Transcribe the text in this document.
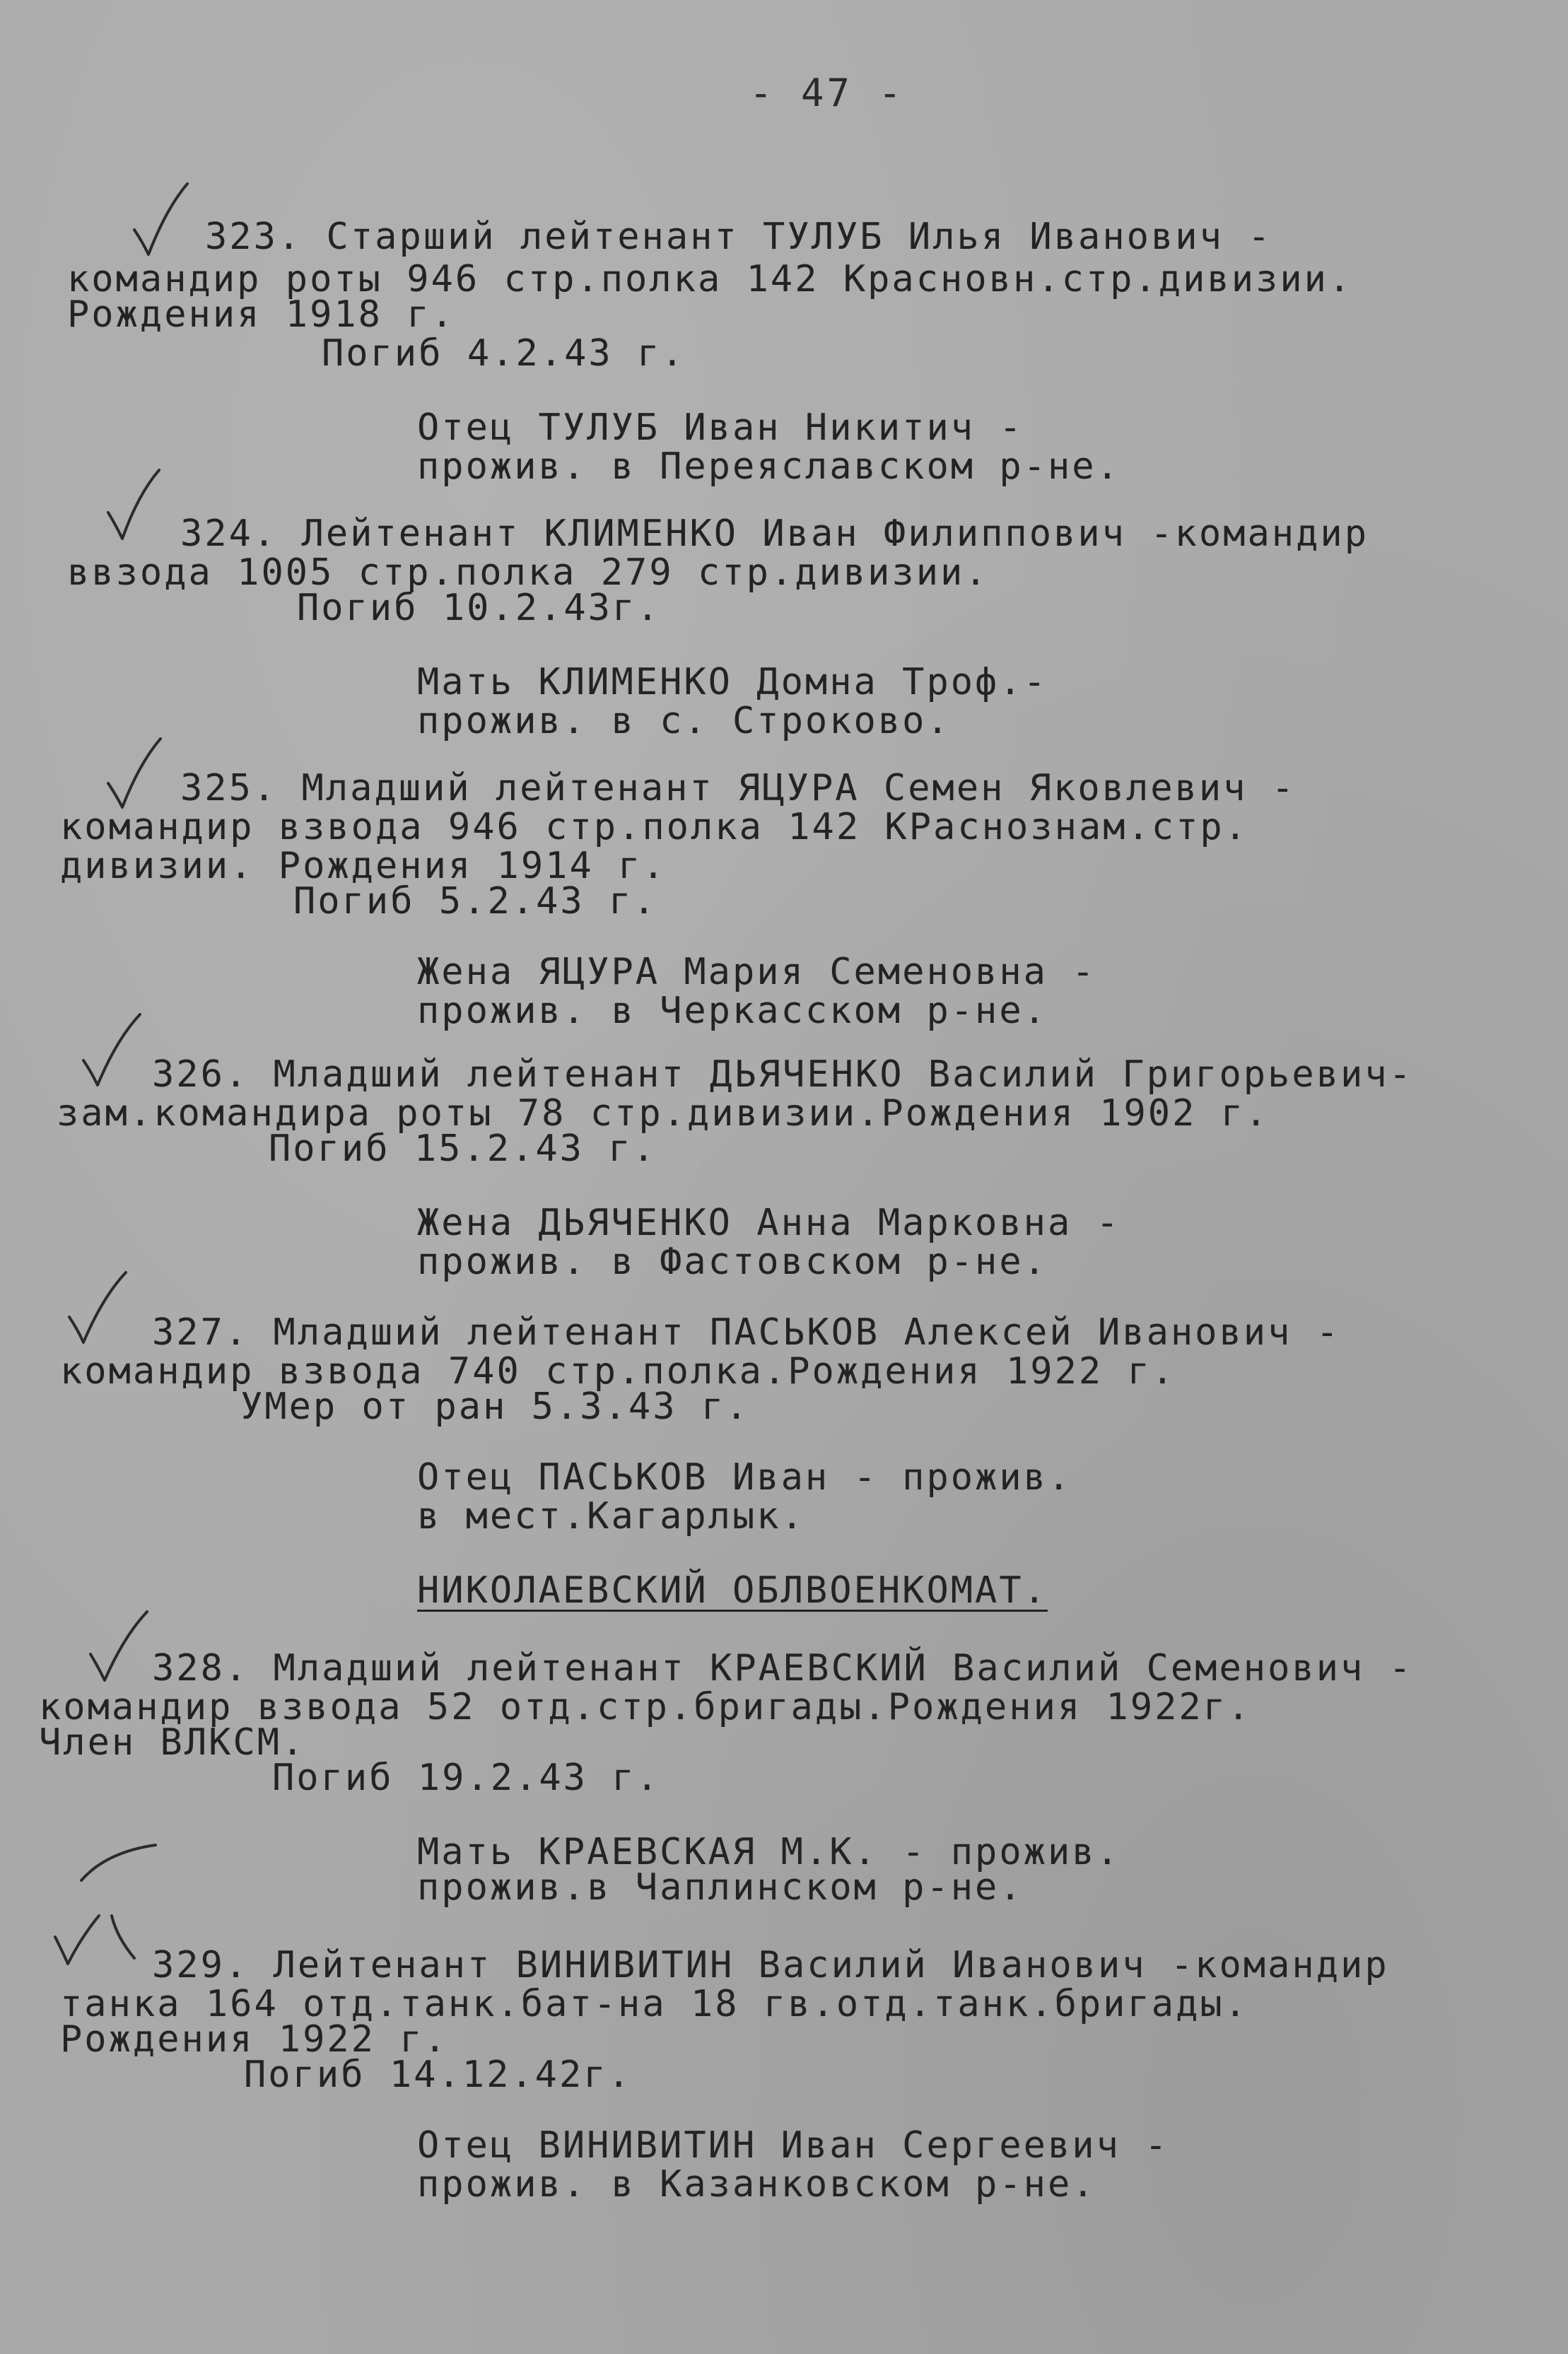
- 47 -
323. Старший лейтенант ТУЛУБ Илья Иванович -
командир роты 946 стр.полка 142 Красновн.стр.дивизии.
Рождения 1918 г.
Погиб 4.2.43 г.
Отец ТУЛУБ Иван Никитич -
прожив. в Переяславском р-не.
324. Лейтенант КЛИМЕНКО Иван Филиппович -командир
ввзода 1005 стр.полка 279 стр.дивизии.
Погиб 10.2.43г.
Мать КЛИМЕНКО Домна Троф.-
прожив. в с. Строково.
325. Младший лейтенант ЯЦУРА Семен Яковлевич -
командир взвода 946 стр.полка 142 КРаснознам.стр.
дивизии. Рождения 1914 г.
Погиб 5.2.43 г.
Жена ЯЦУРА Мария Семеновна -
прожив. в Черкасском р-не.
326. Младший лейтенант ДЬЯЧЕНКО Василий Григорьевич-
зам.командира роты 78 стр.дивизии.Рождения 1902 г.
Погиб 15.2.43 г.
Жена ДЬЯЧЕНКО Анна Марковна -
прожив. в Фастовском р-не.
327. Младший лейтенант ПАСЬКОВ Алексей Иванович -
командир взвода 740 стр.полка.Рождения 1922 г.
УМер от ран 5.3.43 г.
Отец ПАСЬКОВ Иван - прожив.
в мест.Кагарлык.
НИКОЛАЕВСКИЙ ОБЛВОЕНКОМАТ.
328. Младший лейтенант КРАЕВСКИЙ Василий Семенович -
командир взвода 52 отд.стр.бригады.Рождения 1922г.
Член ВЛКСМ.
Погиб 19.2.43 г.
Мать КРАЕВСКАЯ М.К. - прожив.
прожив.в Чаплинском р-не.
329. Лейтенант ВИНИВИТИН Василий Иванович -командир
танка 164 отд.танк.бат-на 18 гв.отд.танк.бригады.
Рождения 1922 г.
Погиб 14.12.42г.
Отец ВИНИВИТИН Иван Сергеевич -
прожив. в Казанковском р-не.
